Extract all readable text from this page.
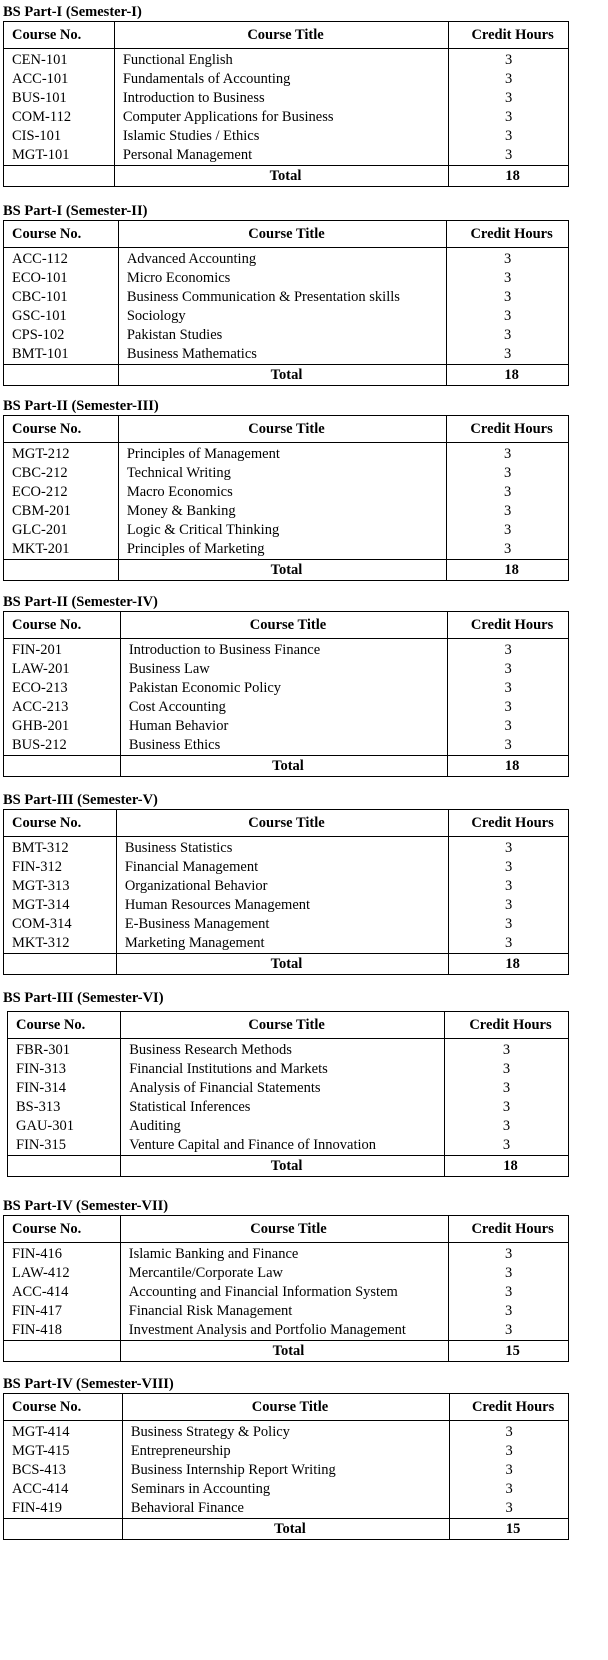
BS Part-I (Semester-I)
Course No.	Course Title	Credit Hours
CEN-101	Functional English	3
ACC-101	Fundamentals of Accounting	3
BUS-101	Introduction to Business	3
COM-112	Computer Applications for Business	3
CIS-101	Islamic Studies / Ethics	3
MGT-101	Personal Management	3
	Total	18
BS Part-I (Semester-II)
Course No.	Course Title	Credit Hours
ACC-112	Advanced Accounting	3
ECO-101	Micro Economics	3
CBC-101	Business Communication & Presentation skills	3
GSC-101	Sociology	3
CPS-102	Pakistan Studies	3
BMT-101	Business Mathematics	3
	Total	18
BS Part-II (Semester-III)
Course No.	Course Title	Credit Hours
MGT-212	Principles of Management	3
CBC-212	Technical Writing	3
ECO-212	Macro Economics	3
CBM-201	Money & Banking	3
GLC-201	Logic & Critical Thinking	3
MKT-201	Principles of Marketing	3
	Total	18
BS Part-II (Semester-IV)
Course No.	Course Title	Credit Hours
FIN-201	Introduction to Business Finance	3
LAW-201	Business Law	3
ECO-213	Pakistan Economic Policy	3
ACC-213	Cost Accounting	3
GHB-201	Human Behavior	3
BUS-212	Business Ethics	3
	Total	18
BS Part-III (Semester-V)
Course No.	Course Title	Credit Hours
BMT-312	Business Statistics	3
FIN-312	Financial Management	3
MGT-313	Organizational Behavior	3
MGT-314	Human Resources Management	3
COM-314	E-Business Management	3
MKT-312	Marketing Management	3
	Total	18
BS Part-III (Semester-VI)
Course No.	Course Title	Credit Hours
FBR-301	Business Research Methods	3
FIN-313	Financial Institutions and Markets	3
FIN-314	Analysis of Financial Statements	3
BS-313	Statistical Inferences	3
GAU-301	Auditing	3
FIN-315	Venture Capital and Finance of Innovation	3
	Total	18
BS Part-IV (Semester-VII)
Course No.	Course Title	Credit Hours
FIN-416	Islamic Banking and Finance	3
LAW-412	Mercantile/Corporate Law	3
ACC-414	Accounting and Financial Information System	3
FIN-417	Financial Risk Management	3
FIN-418	Investment Analysis and Portfolio Management	3
	Total	15
BS Part-IV (Semester-VIII)
Course No.	Course Title	Credit Hours
MGT-414	Business Strategy & Policy	3
MGT-415	Entrepreneurship	3
BCS-413	Business Internship Report Writing	3
ACC-414	Seminars in Accounting	3
FIN-419	Behavioral Finance	3
	Total	15
